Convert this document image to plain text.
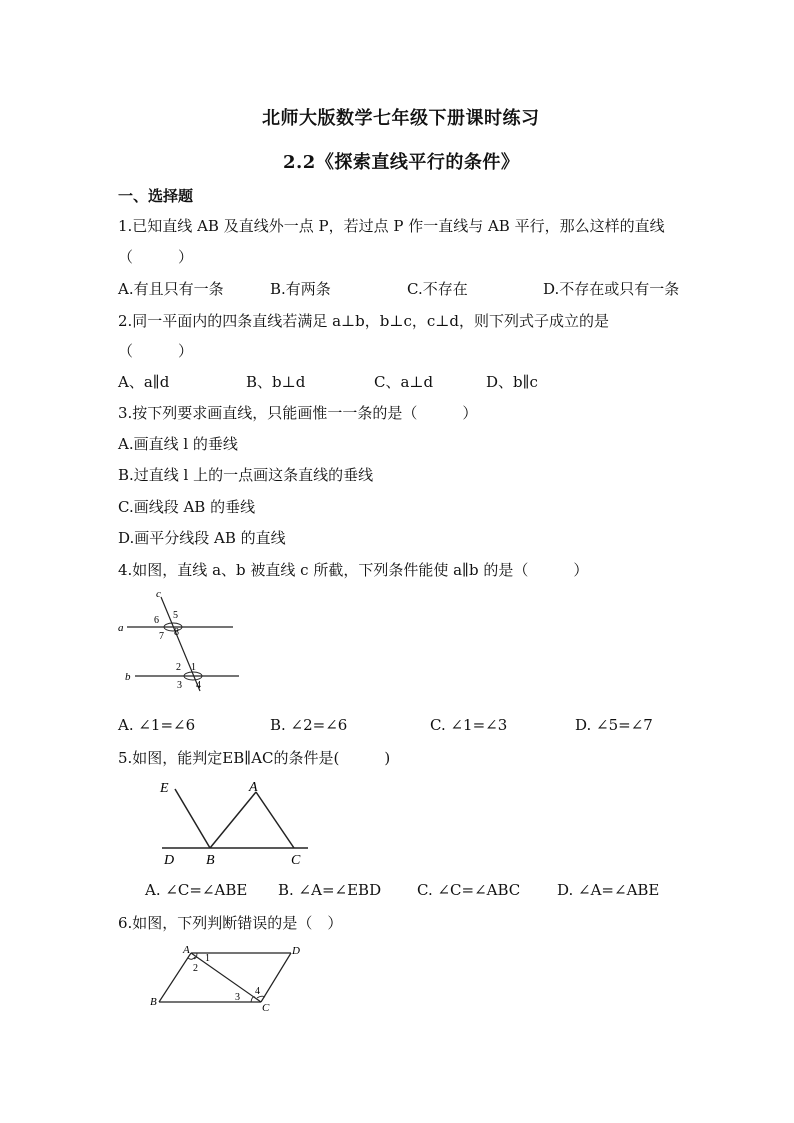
北师大版数学七年级下册课时练习
2.2《探索直线平行的条件》
一、选择题
1.已知直线 AB 及直线外一点 P，若过点 P 作一直线与 AB 平行，那么这样的直线
（　　　）
A.有且只有一条	B.有两条	C.不存在	D.不存在或只有一条
2.同一平面内的四条直线若满足 a⊥b，b⊥c，c⊥d，则下列式子成立的是
（　　　）
A、a∥d	B、b⊥d	C、a⊥d	D、b∥c
3.按下列要求画直线，只能画惟一一条的是（　　　）
A.画直线 l 的垂线
B.过直线 l 上的一点画这条直线的垂线
C.画线段 AB 的垂线
D.画平分线段 AB 的直线
4.如图，直线 a、b 被直线 c 所截，下列条件能使 a∥b 的是（　　　）
c
a
b
5
6
7 8
2 1
3 4
A. ∠1=∠6	B. ∠2=∠6	C. ∠1=∠3	D. ∠5=∠7
5.如图，能判定EB∥AC的条件是(　　　)
E	A
D B	C
A. ∠C=∠ABE B. ∠A=∠EBD C. ∠C=∠ABC D. ∠A=∠ABE
6.如图，下列判断错误的是（　）
A	D
1
2
B	3
4
C
